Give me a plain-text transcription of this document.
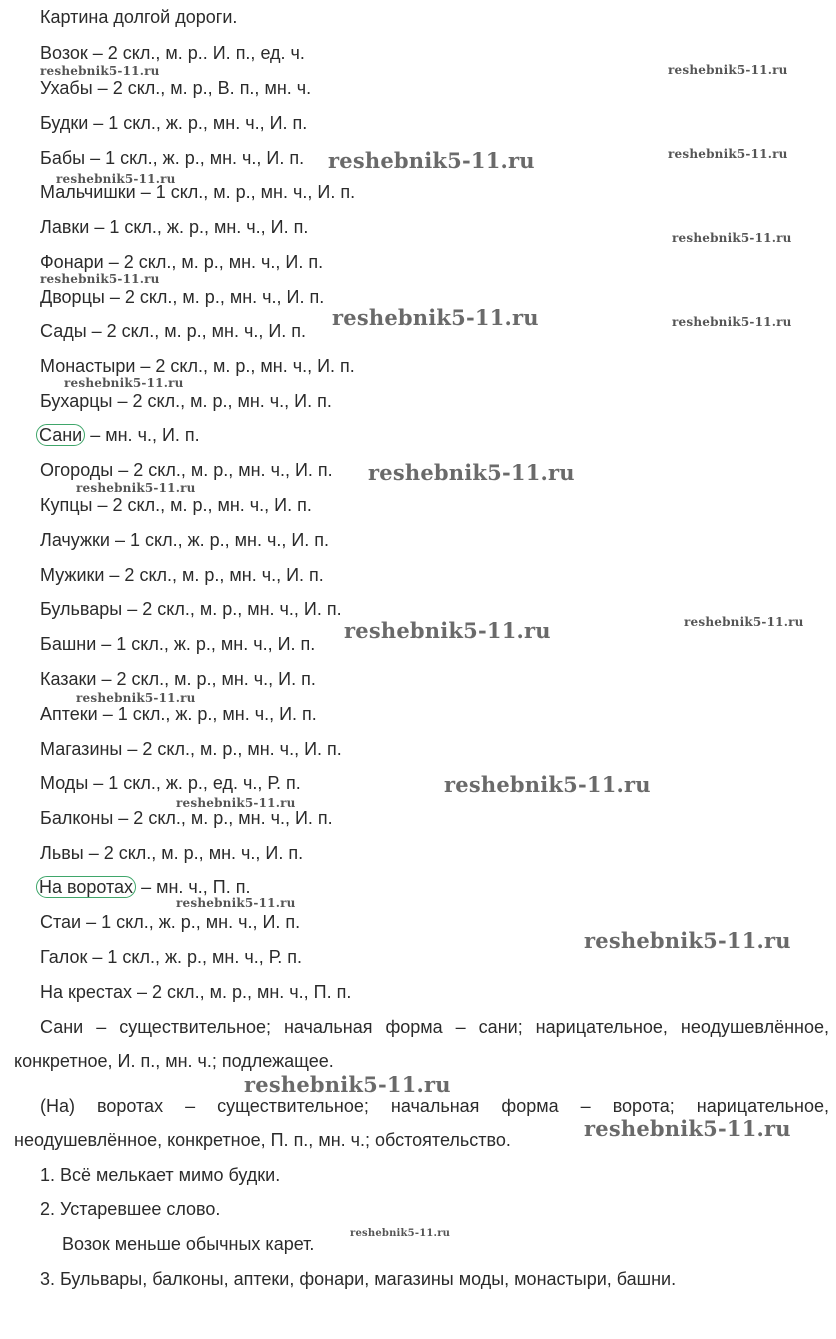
Картина долгой дороги.
Возок – 2 скл., м. р.. И. п., ед. ч.
Ухабы – 2 скл., м. р., В. п., мн. ч.
Будки – 1 скл., ж. р., мн. ч., И. п.
Бабы – 1 скл., ж. р., мн. ч., И. п.
Мальчишки – 1 скл., м. р., мн. ч., И. п.
Лавки – 1 скл., ж. р., мн. ч., И. п.
Фонари – 2 скл., м. р., мн. ч., И. п.
Дворцы – 2 скл., м. р., мн. ч., И. п.
Сады – 2 скл., м. р., мн. ч., И. п.
Монастыри – 2 скл., м. р., мн. ч., И. п.
Бухарцы – 2 скл., м. р., мн. ч., И. п.
Сани – мн. ч., И. п.
Огороды – 2 скл., м. р., мн. ч., И. п.
Купцы – 2 скл., м. р., мн. ч., И. п.
Лачужки – 1 скл., ж. р., мн. ч., И. п.
Мужики – 2 скл., м. р., мн. ч., И. п.
Бульвары – 2 скл., м. р., мн. ч., И. п.
Башни – 1 скл., ж. р., мн. ч., И. п.
Казаки – 2 скл., м. р., мн. ч., И. п.
Аптеки – 1 скл., ж. р., мн. ч., И. п.
Магазины – 2 скл., м. р., мн. ч., И. п.
Моды – 1 скл., ж. р., ед. ч., Р. п.
Балконы – 2 скл., м. р., мн. ч., И. п.
Львы – 2 скл., м. р., мн. ч., И. п.
На воротах – мн. ч., П. п.
Стаи – 1 скл., ж. р., мн. ч., И. п.
Галок – 1 скл., ж. р., мн. ч., Р. п.
На крестах – 2 скл., м. р., мн. ч., П. п.
Сани – существительное; начальная форма – сани; нарицательное, неодушевлённое, конкретное, И. п., мн. ч.; подлежащее.
(На) воротах – существительное; начальная форма – ворота; нарицательное, неодушевлённое, конкретное, П. п., мн. ч.; обстоятельство.
1. Всё мелькает мимо будки.
2. Устаревшее слово.
Возок меньше обычных карет.
3. Бульвары, балконы, аптеки, фонари, магазины моды, монастыри, башни.
reshebnik5-11.ru	reshebnik5-11.ru
reshebnik5-11.ru	reshebnik5-11.ru
reshebnik5-11.ru
reshebnik5-11.ru
reshebnik5-11.ru
reshebnik5-11.ru	reshebnik5-11.ru
reshebnik5-11.ru
reshebnik5-11.ru
reshebnik5-11.ru
reshebnik5-11.ru	reshebnik5-11.ru
reshebnik5-11.ru
reshebnik5-11.ru
reshebnik5-11.ru
reshebnik5-11.ru
reshebnik5-11.ru
reshebnik5-11.ru
reshebnik5-11.ru
reshebnik5-11.ru
